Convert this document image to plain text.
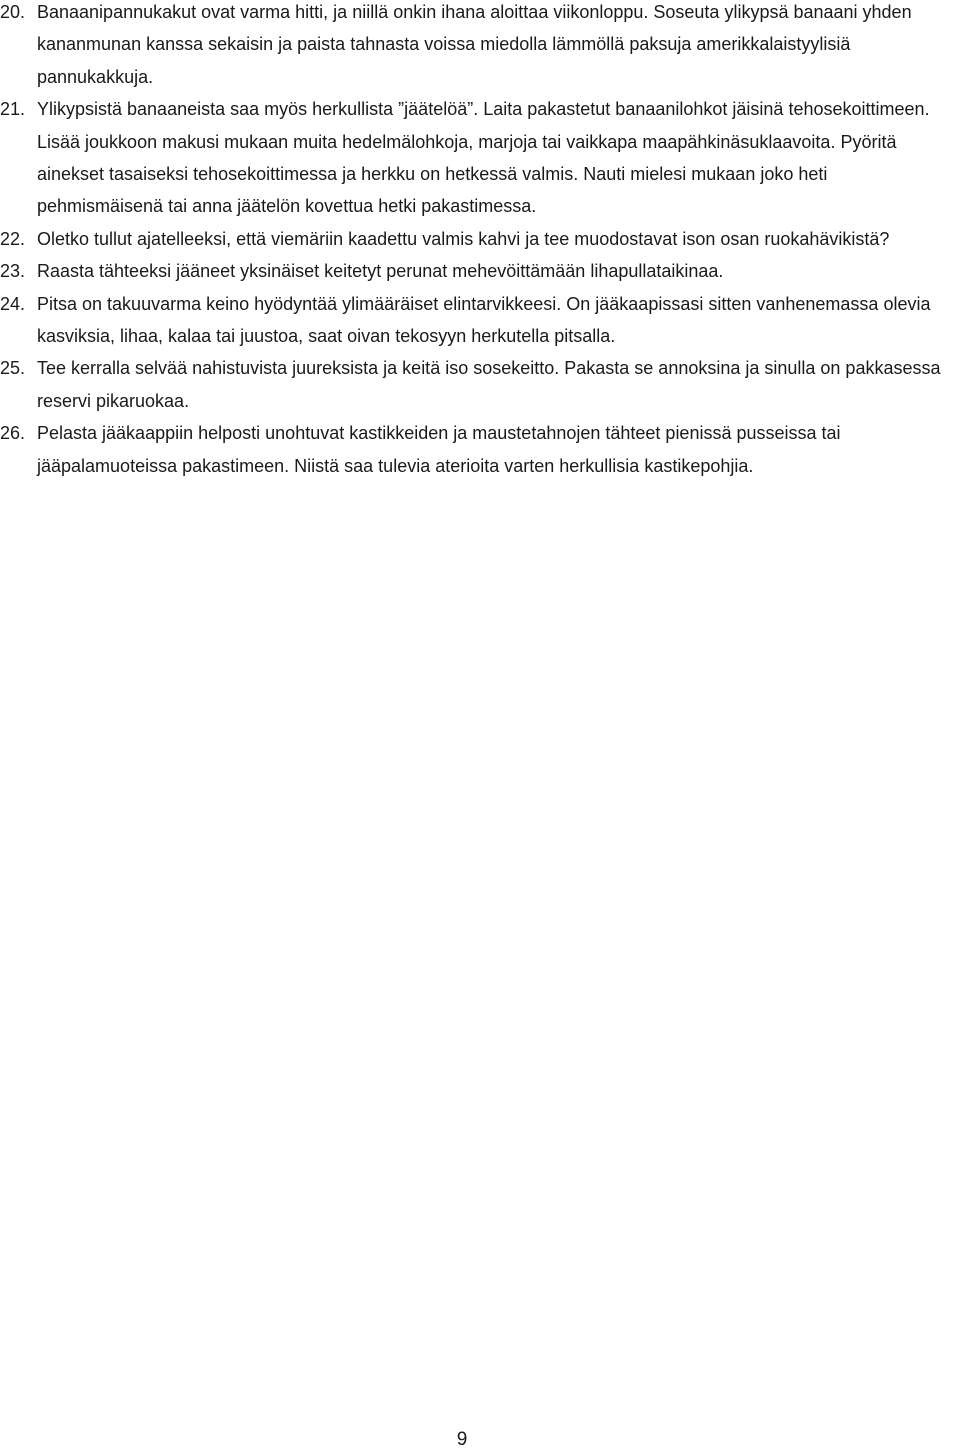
20. Banaanipannukakut ovat varma hitti, ja niillä onkin ihana aloittaa viikonloppu. Soseuta ylikypsä banaani yhden kananmunan kanssa sekaisin ja paista tahnasta voissa miedolla lämmöllä paksuja amerikkalaistyylisiä pannukakkuja.
21. Ylikypsistä banaaneista saa myös herkullista ”jäätelöä”. Laita pakastetut banaanilohkot jäisinä tehosekoittimeen. Lisää joukkoon makusi mukaan muita hedelmälohkoja, marjoja tai vaikkapa maapähkinäsuklaavoita. Pyöritä ainekset tasaiseksi tehosekoittimessa ja herkku on hetkessä valmis. Nauti mielesi mukaan joko heti pehmismäisenä tai anna jäätelön kovettua hetki pakastimessa.
22. Oletko tullut ajatelleeksi, että viemäriin kaadettu valmis kahvi ja tee muodostavat ison osan ruokahävikistä?
23. Raasta tähteeksi jääneet yksinäiset keitetyt perunat mehevöittämään lihapullataikinaa.
24. Pitsa on takuuvarma keino hyödyntää ylimääräiset elintarvikkeesi. On jääkaapissasi sitten vanhenemassa olevia kasviksia, lihaa, kalaa tai juustoa, saat oivan tekosyyn herkutella pitsalla.
25. Tee kerralla selvää nahistuvista juureksista ja keitä iso sosekeitto. Pakasta se annoksina ja sinulla on pakkasessa reservi pikaruokaa.
26. Pelasta jääkaappiin helposti unohtuvat kastikkeiden ja maustetahnojen tähteet pienissä pusseissa tai jääpalamuoteissa pakastimeen. Niistä saa tulevia aterioita varten herkullisia kastikepohjia.
9
